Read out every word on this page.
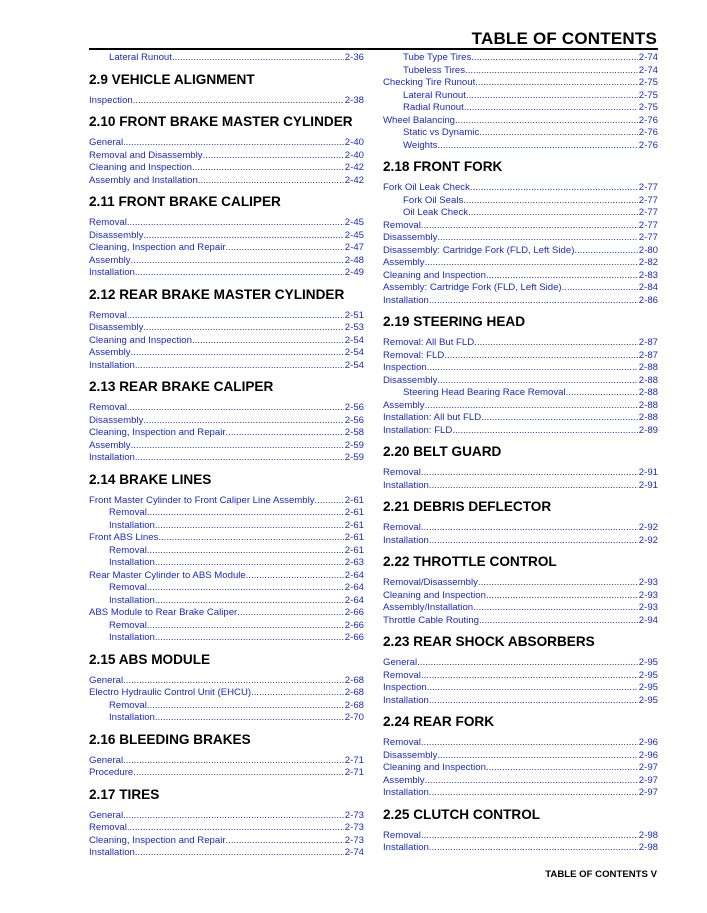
TABLE OF CONTENTS
Lateral Runout .....	2-36
2.9 VEHICLE ALIGNMENT
Inspection .....	2-38
2.10 FRONT BRAKE MASTER CYLINDER
General .....	2-40
Removal and Disassembly .....	2-40
Cleaning and Inspection .....	2-42
Assembly and Installation .....	2-42
2.11 FRONT BRAKE CALIPER
Removal .....	2-45
Disassembly .....	2-45
Cleaning, Inspection and Repair .....	2-47
Assembly .....	2-48
Installation .....	2-49
2.12 REAR BRAKE MASTER CYLINDER
Removal .....	2-51
Disassembly .....	2-53
Cleaning and Inspection .....	2-54
Assembly .....	2-54
Installation .....	2-54
2.13 REAR BRAKE CALIPER
Removal .....	2-56
Disassembly .....	2-56
Cleaning, Inspection and Repair .....	2-58
Assembly .....	2-59
Installation .....	2-59
2.14 BRAKE LINES
Front Master Cylinder to Front Caliper Line Assembly .....	2-61
Removal .....	2-61
Installation .....	2-61
Front ABS Lines .....	2-61
Removal .....	2-61
Installation .....	2-63
Rear Master Cylinder to ABS Module .....	2-64
Removal .....	2-64
Installation .....	2-64
ABS Module to Rear Brake Caliper .....	2-66
Removal .....	2-66
Installation .....	2-66
2.15 ABS MODULE
General .....	2-68
Electro Hydraulic Control Unit (EHCU) .....	2-68
Removal .....	2-68
Installation .....	2-70
2.16 BLEEDING BRAKES
General .....	2-71
Procedure .....	2-71
2.17 TIRES
General .....	2-73
Removal .....	2-73
Cleaning, Inspection and Repair .....	2-73
Installation .....	2-74
Tube Type Tires .....	2-74
Tubeless Tires .....	2-74
Checking Tire Runout .....	2-75
Lateral Runout .....	2-75
Radial Runout .....	2-75
Wheel Balancing .....	2-76
Static vs Dynamic .....	2-76
Weights .....	2-76
2.18 FRONT FORK
Fork Oil Leak Check .....	2-77
Fork Oil Seals .....	2-77
Oil Leak Check .....	2-77
Removal .....	2-77
Disassembly .....	2-77
Disassembly: Cartridge Fork (FLD, Left Side) .....	2-80
Assembly .....	2-82
Cleaning and Inspection .....	2-83
Assembly: Cartridge Fork (FLD, Left Side) .....	2-84
Installation .....	2-86
2.19 STEERING HEAD
Removal: All But FLD .....	2-87
Removal: FLD .....	2-87
Inspection .....	2-88
Disassembly .....	2-88
Steering Head Bearing Race Removal .....	2-88
Assembly .....	2-88
Installation: All but FLD .....	2-88
Installation: FLD .....	2-89
2.20 BELT GUARD
Removal .....	2-91
Installation .....	2-91
2.21 DEBRIS DEFLECTOR
Removal .....	2-92
Installation .....	2-92
2.22 THROTTLE CONTROL
Removal/Disassembly .....	2-93
Cleaning and Inspection .....	2-93
Assembly/Installation .....	2-93
Throttle Cable Routing .....	2-94
2.23 REAR SHOCK ABSORBERS
General .....	2-95
Removal .....	2-95
Inspection .....	2-95
Installation .....	2-95
2.24 REAR FORK
Removal .....	2-96
Disassembly .....	2-96
Cleaning and Inspection .....	2-97
Assembly .....	2-97
Installation .....	2-97
2.25 CLUTCH CONTROL
Removal .....	2-98
Installation .....	2-98
TABLE OF CONTENTS V
